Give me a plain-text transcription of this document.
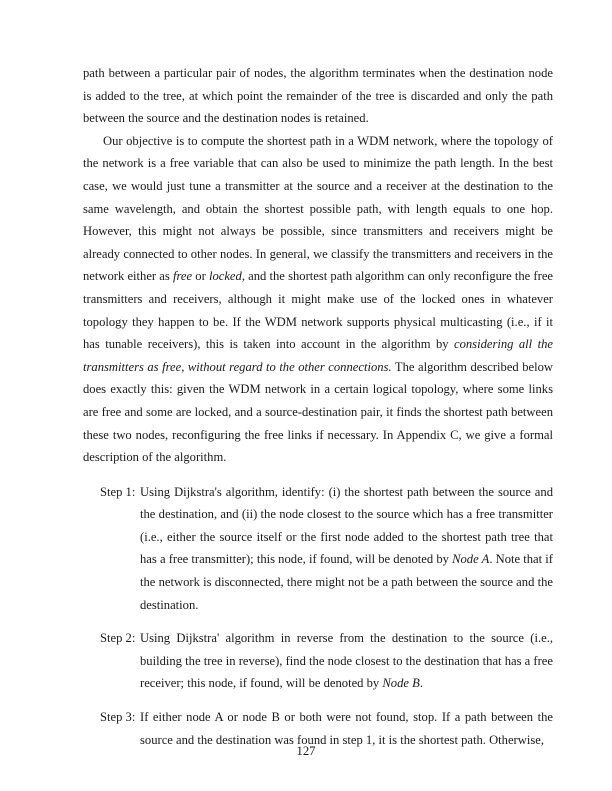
path between a particular pair of nodes, the algorithm terminates when the destination node is added to the tree, at which point the remainder of the tree is discarded and only the path between the source and the destination nodes is retained.

Our objective is to compute the shortest path in a WDM network, where the topology of the network is a free variable that can also be used to minimize the path length. In the best case, we would just tune a transmitter at the source and a receiver at the destination to the same wavelength, and obtain the shortest possible path, with length equals to one hop. However, this might not always be possible, since transmitters and receivers might be already connected to other nodes. In general, we classify the transmitters and receivers in the network either as free or locked, and the shortest path algorithm can only reconfigure the free transmitters and receivers, although it might make use of the locked ones in whatever topology they happen to be. If the WDM network supports physical multicasting (i.e., if it has tunable receivers), this is taken into account in the algorithm by considering all the transmitters as free, without regard to the other connections. The algorithm described below does exactly this: given the WDM network in a certain logical topology, where some links are free and some are locked, and a source-destination pair, it finds the shortest path between these two nodes, reconfiguring the free links if necessary. In Appendix C, we give a formal description of the algorithm.

Step 1: Using Dijkstra's algorithm, identify: (i) the shortest path between the source and the destination, and (ii) the node closest to the source which has a free transmitter (i.e., either the source itself or the first node added to the shortest path tree that has a free transmitter); this node, if found, will be denoted by Node A. Note that if the network is disconnected, there might not be a path between the source and the destination.
Step 2: Using Dijkstra' algorithm in reverse from the destination to the source (i.e., building the tree in reverse), find the node closest to the destination that has a free receiver; this node, if found, will be denoted by Node B.
Step 3: If either node A or node B or both were not found, stop. If a path between the source and the destination was found in step 1, it is the shortest path. Otherwise,
127
